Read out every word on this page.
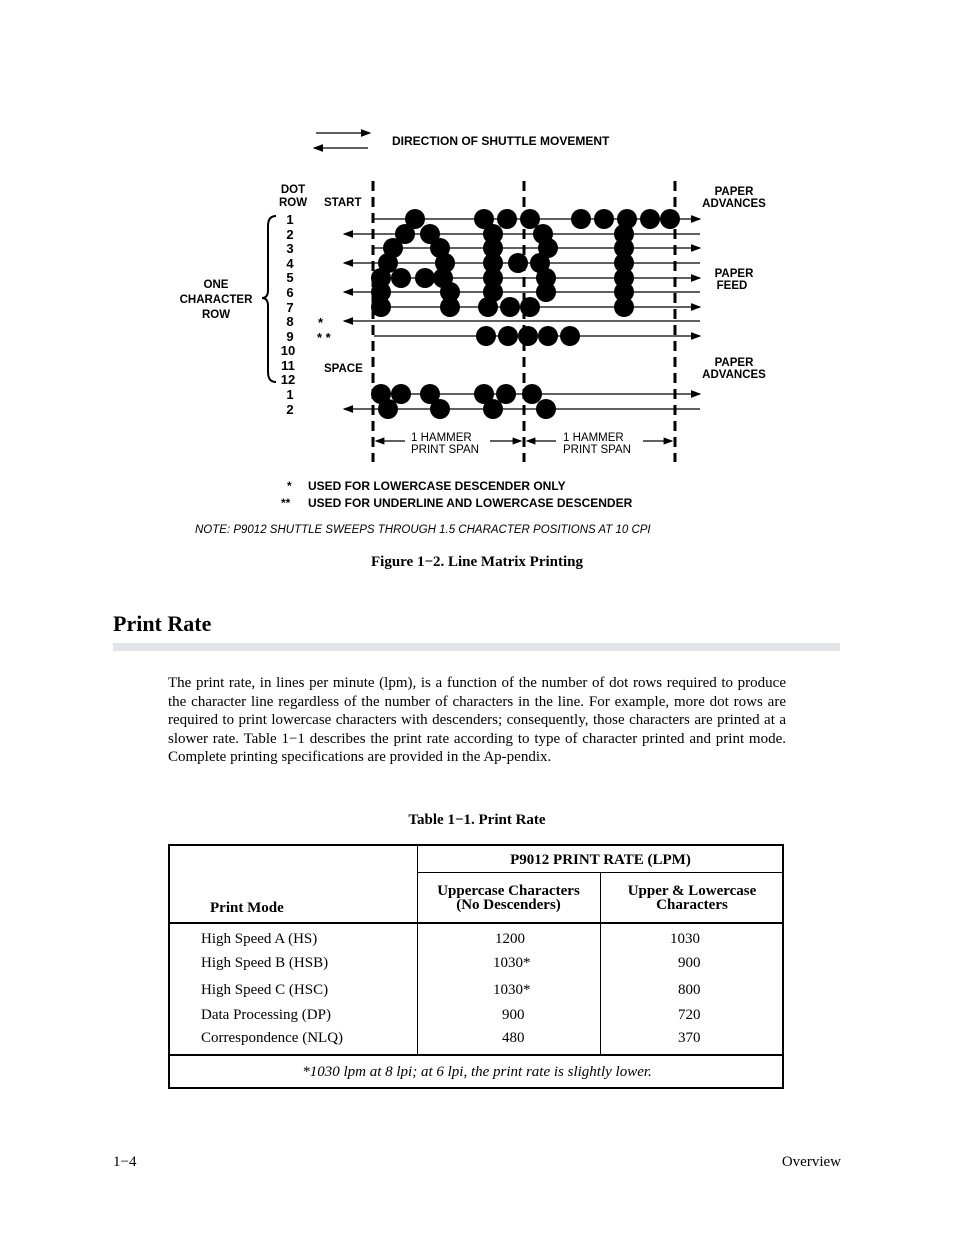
DIRECTION OF SHUTTLE MOVEMENT
DOT
ROW START
SPACE
ONE
CHARACTER
ROW
PAPER
ADVANCES
PAPER
FEED
PAPER
ADVANCES
1
2
3
4
5
6
7
8
9
10
11
12
1
2
*
* *
1 HAMMER
PRINT SPAN
1 HAMMER
PRINT SPAN
* USED FOR LOWERCASE DESCENDER ONLY
** USED FOR UNDERLINE AND LOWERCASE DESCENDER
NOTE: P9012 SHUTTLE SWEEPS THROUGH 1.5 CHARACTER POSITIONS AT 10 CPI
Figure 1−2. Line Matrix Printing
Print Rate
The print rate, in lines per minute (lpm), is a function of the number of dot rows required to produce the character line regardless of the number of characters in the line. For example, more dot rows are required to print lowercase characters with descenders; consequently, those characters are printed at a slower rate. Table 1−1 describes the print rate according to type of character printed and print mode. Complete printing specifications are provided in the Ap-pendix.
Table 1−1. Print Rate
P9012 PRINT RATE (LPM)
Print Mode
Uppercase Characters
(No Descenders)
Upper & Lowercase
Characters
High Speed A (HS)	1200	1030
High Speed B (HSB)	1030*	900
High Speed C (HSC)	1030*	800
Data Processing (DP)	900	720
Correspondence (NLQ)	480	370
*1030 lpm at 8 lpi; at 6 lpi, the print rate is slightly lower.
1−4	Overview
